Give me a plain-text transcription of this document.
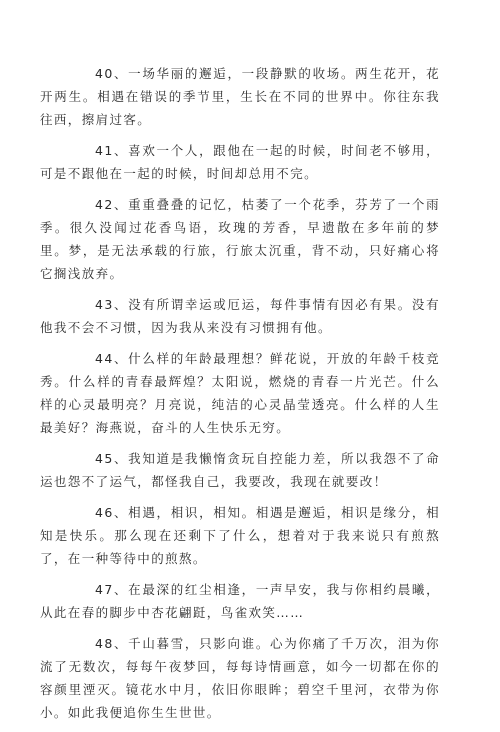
40、一场华丽的邂逅，一段静默的收场。两生花开，花开两生。相遇在错误的季节里，生长在不同的世界中。你往东我往西，擦肩过客。

41、喜欢一个人，跟他在一起的时候，时间老不够用，可是不跟他在一起的时候，时间却总用不完。

42、重重叠叠的记忆，枯萎了一个花季，芬芳了一个雨季。很久没闻过花香鸟语，玫瑰的芳香，早遗散在多年前的梦里。梦，是无法承载的行旅，行旅太沉重，背不动，只好痛心将它搁浅放弃。

43、没有所谓幸运或厄运，每件事情有因必有果。没有他我不会不习惯，因为我从来没有习惯拥有他。

44、什么样的年龄最理想？鲜花说，开放的年龄千枝竞秀。什么样的青春最辉煌？太阳说，燃烧的青春一片光芒。什么样的心灵最明亮？月亮说，纯洁的心灵晶莹透亮。什么样的人生最美好？海燕说，奋斗的人生快乐无穷。

45、我知道是我懒惰贪玩自控能力差，所以我怨不了命运也怨不了运气，都怪我自己，我要改，我现在就要改！

46、相遇，相识，相知。相遇是邂逅，相识是缘分，相知是快乐。那么现在还剩下了什么，想着对于我来说只有煎熬了，在一种等待中的煎熬。

47、在最深的红尘相逢，一声早安，我与你相约晨曦，从此在春的脚步中杏花翩跹，鸟雀欢笑……

48、千山暮雪，只影向谁。心为你痛了千万次，泪为你流了无数次，每每午夜梦回，每每诗情画意，如今一切都在你的容颜里湮灭。镜花水中月，依旧你眼眸；碧空千里河，衣带为你小。如此我便追你生生世世。
